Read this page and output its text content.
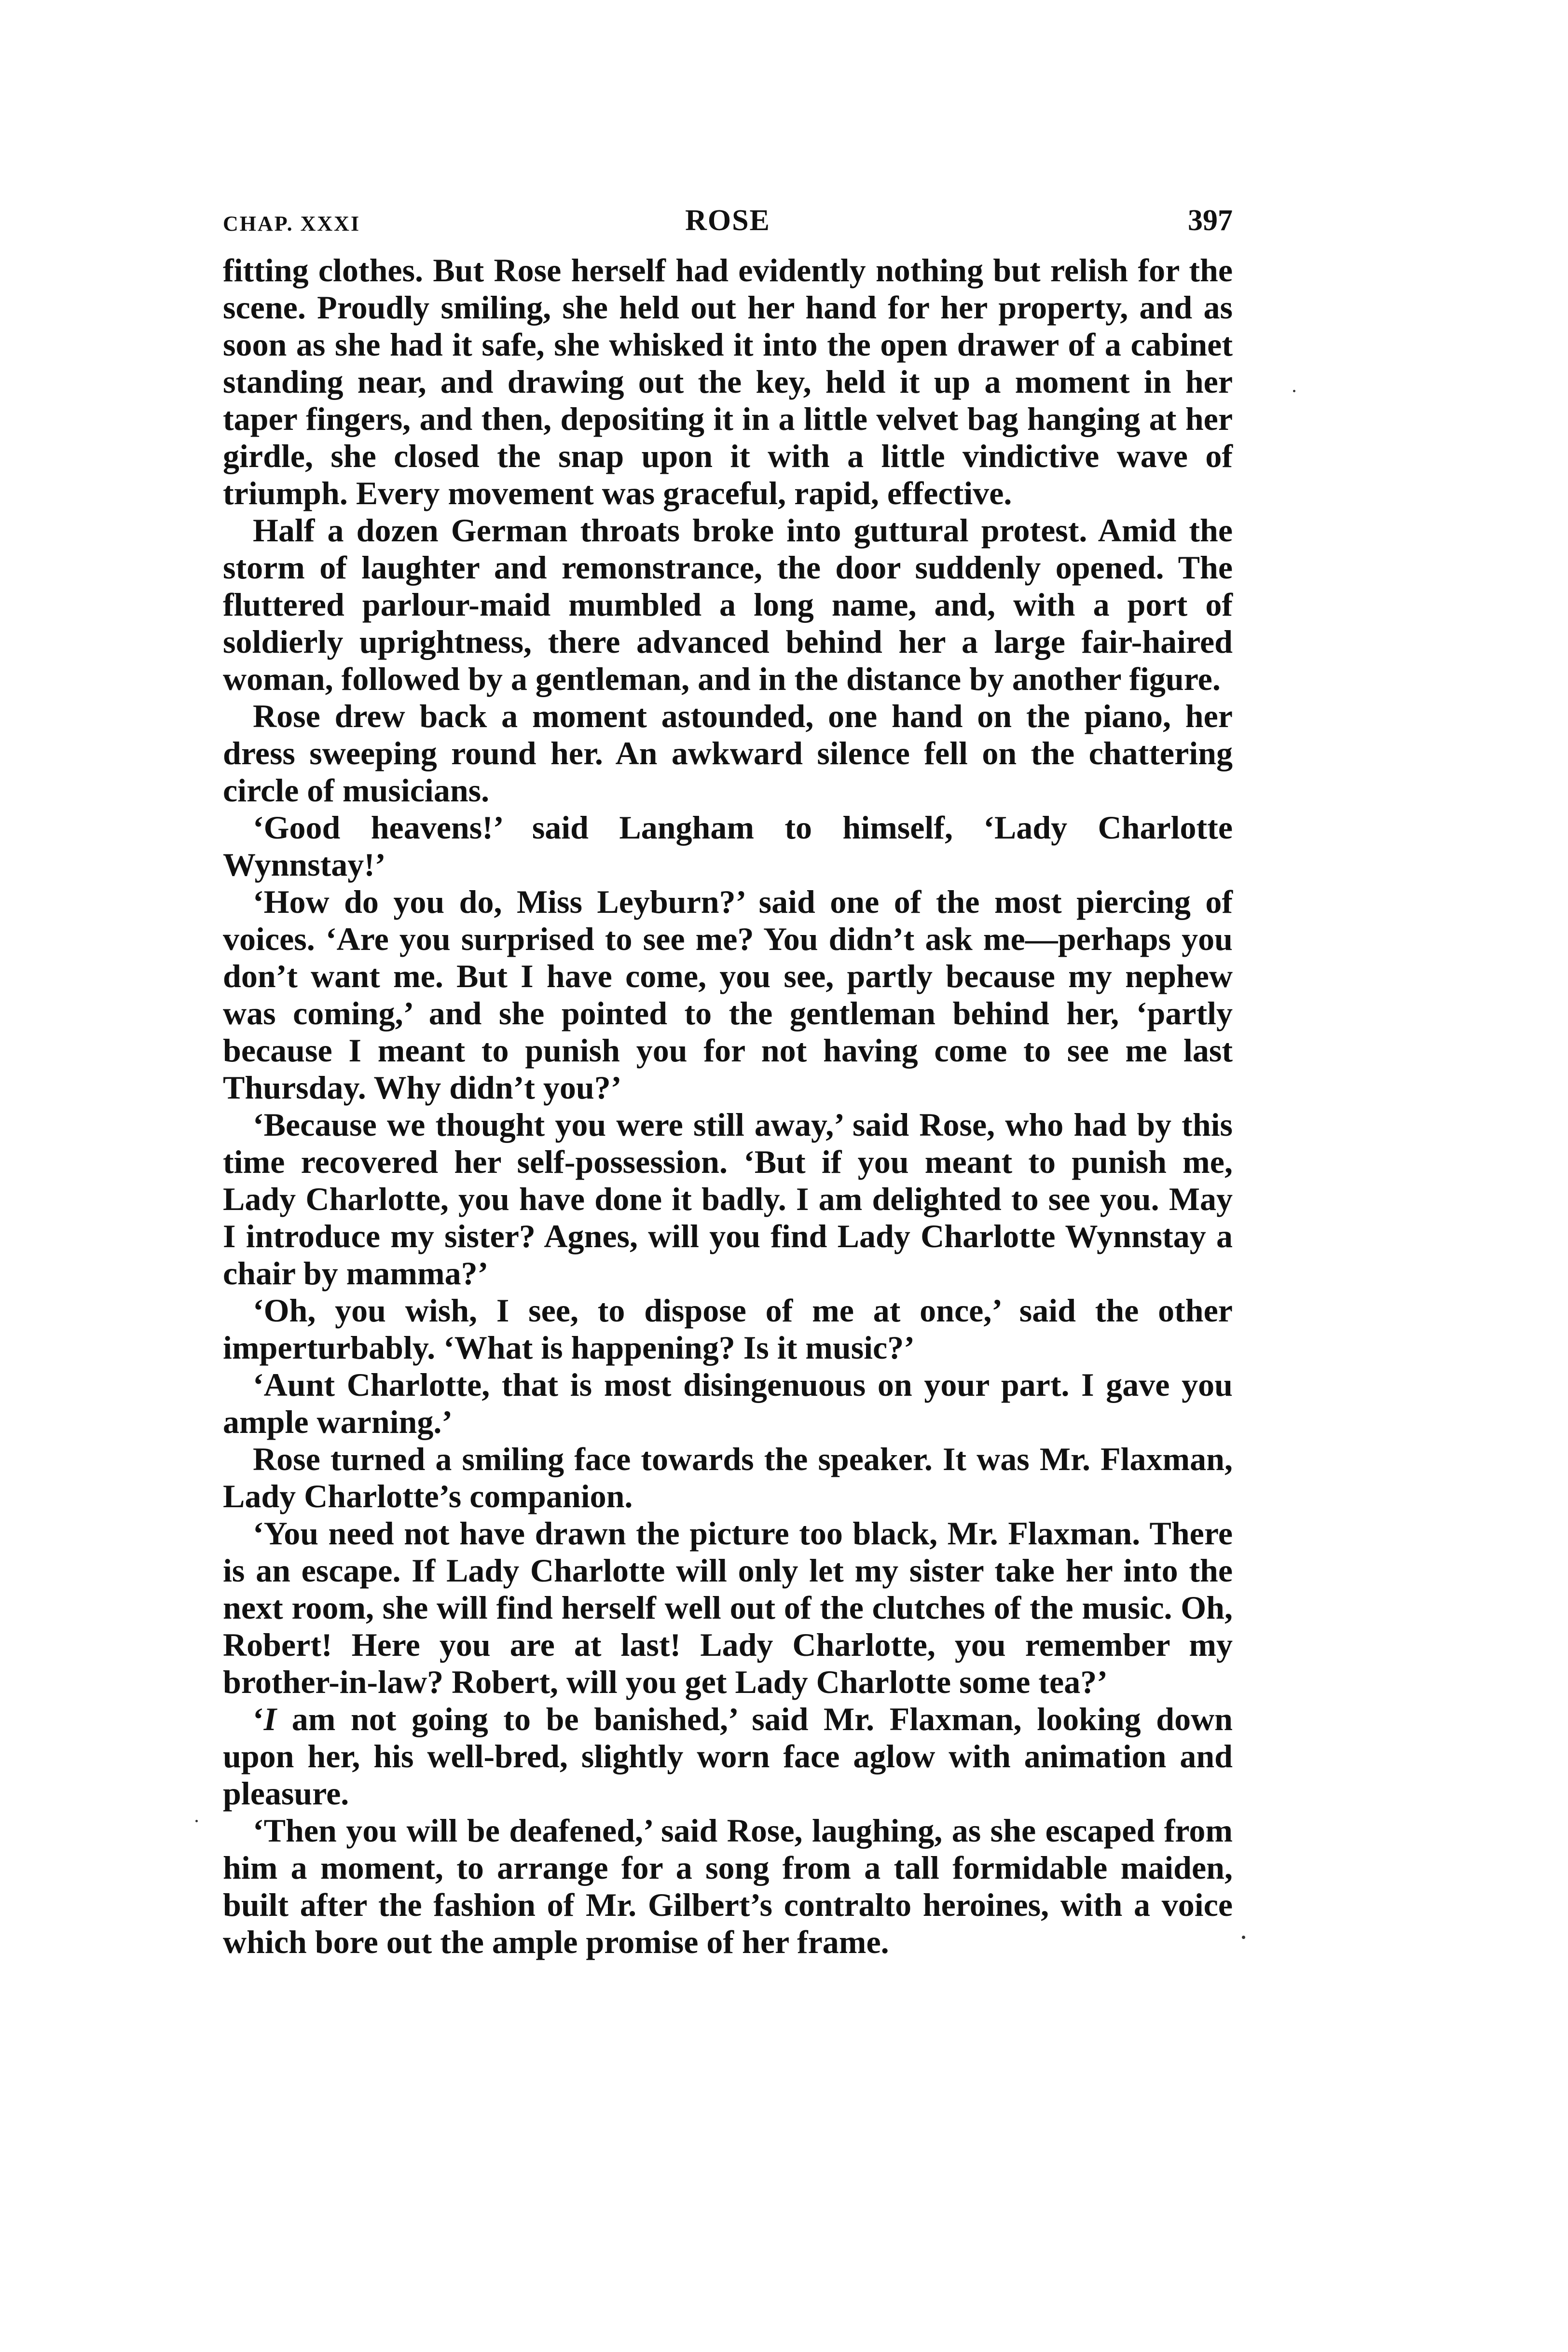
CHAP. XXXI	ROSE	397

fitting clothes. But Rose herself had evidently nothing but relish for the scene. Proudly smiling, she held out her hand for her property, and as soon as she had it safe, she whisked it into the open drawer of a cabinet standing near, and drawing out the key, held it up a moment in her taper fingers, and then, depositing it in a little velvet bag hanging at her girdle, she closed the snap upon it with a little vindictive wave of triumph. Every movement was graceful, rapid, effective.

Half a dozen German throats broke into guttural protest. Amid the storm of laughter and remonstrance, the door suddenly opened. The fluttered parlour-maid mumbled a long name, and, with a port of soldierly uprightness, there advanced behind her a large fair-haired woman, followed by a gentleman, and in the distance by another figure.

Rose drew back a moment astounded, one hand on the piano, her dress sweeping round her. An awkward silence fell on the chattering circle of musicians.

‘Good heavens!’ said Langham to himself, ‘Lady Charlotte Wynnstay!’

‘How do you do, Miss Leyburn?’ said one of the most piercing of voices. ‘Are you surprised to see me? You didn’t ask me—perhaps you don’t want me. But I have come, you see, partly because my nephew was coming,’ and she pointed to the gentleman behind her, ‘partly because I meant to punish you for not having come to see me last Thursday. Why didn’t you?’

‘Because we thought you were still away,’ said Rose, who had by this time recovered her self-possession. ‘But if you meant to punish me, Lady Charlotte, you have done it badly. I am delighted to see you. May I introduce my sister? Agnes, will you find Lady Charlotte Wynnstay a chair by mamma?’

‘Oh, you wish, I see, to dispose of me at once,’ said the other imperturbably. ‘What is happening? Is it music?’

‘Aunt Charlotte, that is most disingenuous on your part. I gave you ample warning.’

Rose turned a smiling face towards the speaker. It was Mr. Flaxman, Lady Charlotte’s companion.

‘You need not have drawn the picture too black, Mr. Flaxman. There is an escape. If Lady Charlotte will only let my sister take her into the next room, she will find herself well out of the clutches of the music. Oh, Robert! Here you are at last! Lady Charlotte, you remember my brother-in-law? Robert, will you get Lady Charlotte some tea?’

‘I am not going to be banished,’ said Mr. Flaxman, looking down upon her, his well-bred, slightly worn face aglow with animation and pleasure.

‘Then you will be deafened,’ said Rose, laughing, as she escaped from him a moment, to arrange for a song from a tall formidable maiden, built after the fashion of Mr. Gilbert’s contralto heroines, with a voice which bore out the ample promise of her frame.
